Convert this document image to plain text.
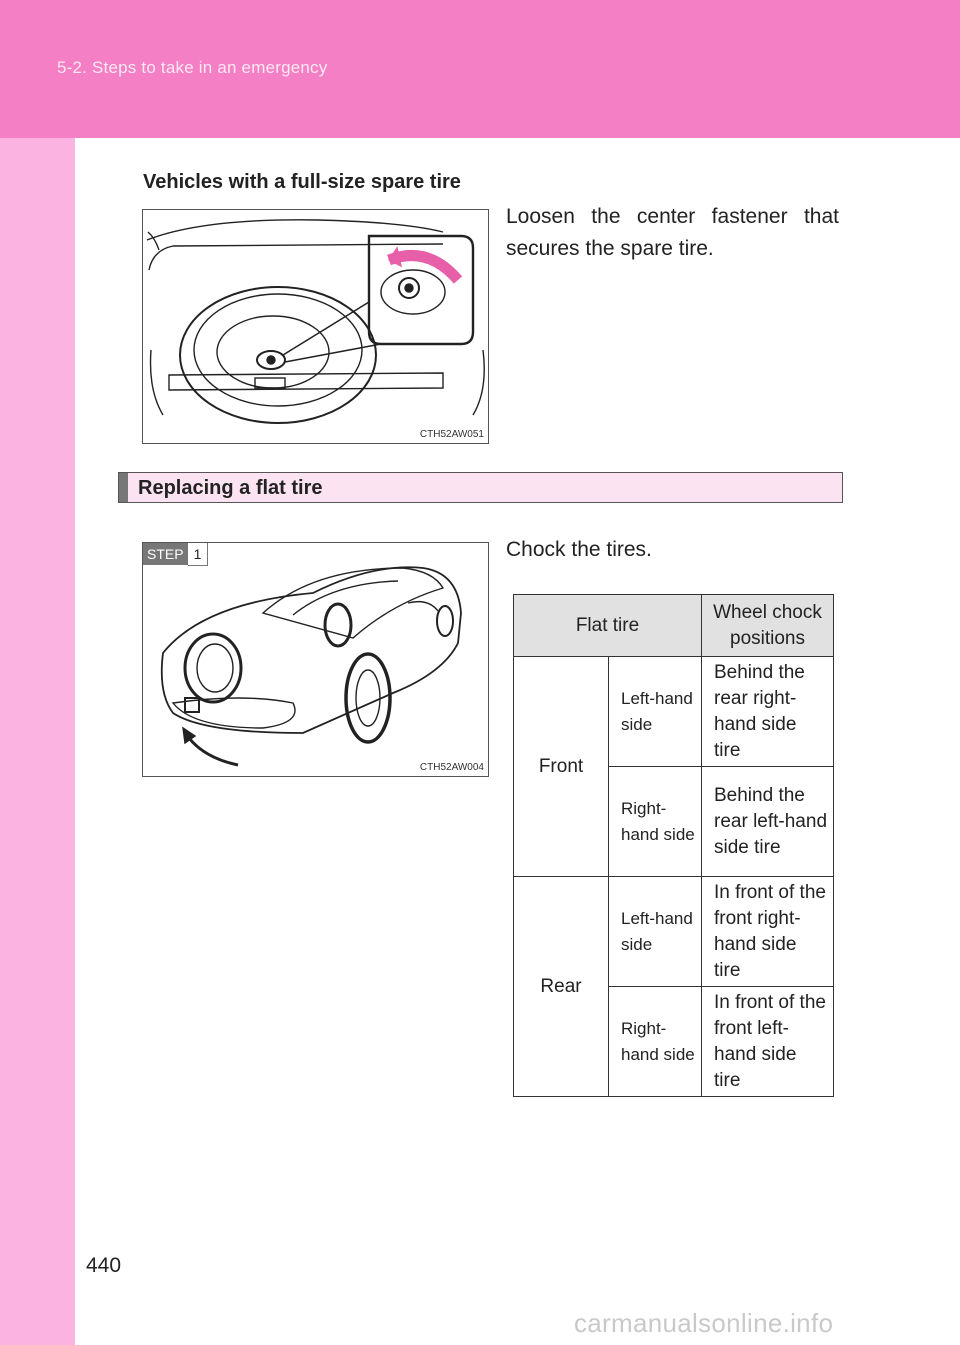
5-2. Steps to take in an emergency
Vehicles with a full-size spare tire
CTH52AW051
Loosen the center fastener that secures the spare tire.
Replacing a flat tire
STEP 1
CTH52AW004
Chock the tires.
Flat tire		Wheel chock positions
Front	Left-hand side	Behind the rear right-hand side tire
	Right-hand side	Behind the rear left-hand side tire
Rear	Left-hand side	In front of the front right-hand side tire
	Right-hand side	In front of the front left-hand side tire
440
carmanualsonline.info
